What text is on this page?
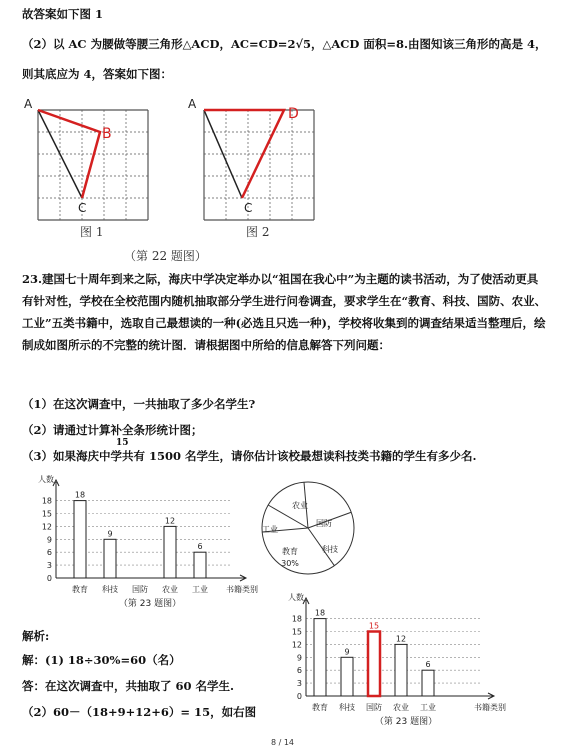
故答案如下图 1
（2）以 AC 为腰做等腰三角形△ACD，AC=CD=2√5，△ACD 面积=8.由图知该三角形的高是 4，
则其底应为 4，答案如下图：
A
B
C
图 1
A
D
C
图 2
（第 22 题图）
23.建国七十周年到来之际，海庆中学决定举办以“祖国在我心中”为主题的读书活动，为了使活动更具有针对性，学校在全校范围内随机抽取部分学生进行问卷调查，要求学生在“教育、科技、国防、农业、工业”五类书籍中，选取自己最想读的一种(必选且只选一种)，学校将收集到的调查结果适当整理后，绘制成如图所示的不完整的统计图．请根据图中所给的信息解答下列问题：
（1）在这次调查中，一共抽取了多少名学生?
（2）请通过计算补全条形统计图；
15
（3）如果海庆中学共有 1500 名学生，请你估计该校最想读科技类书籍的学生有多少名.
0
3
6
9
12
15
18
人数
书籍类别
18
教育
9
科技 国防
12
农业
6
工业
（第 23 题图）
农业
国防
科技
教育
工业
30%
解析:
解：(1) 18÷30%=60（名）
答：在这次调查中，共抽取了 60 名学生.
（2）60－（18+9+12+6）= 15，如右图
0
3
6
9
12
15
18
人数
书籍类别
18
教育
9
科技
15
国防
12
农业
6
工业
（第 23 题图）
8 / 14
